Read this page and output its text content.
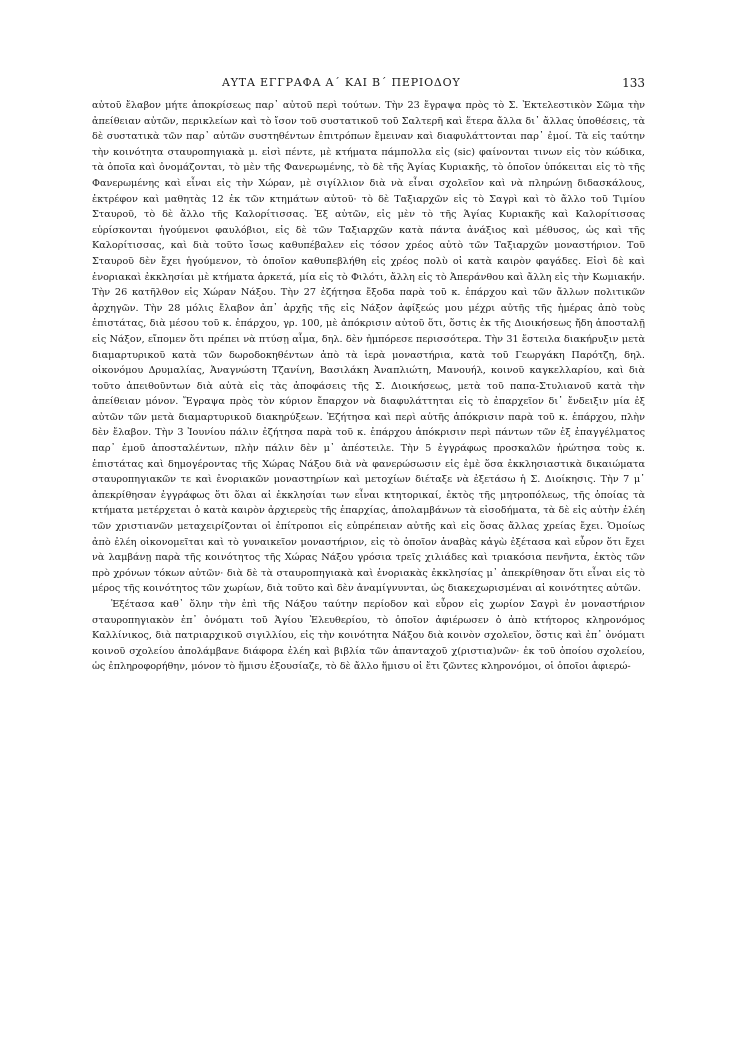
ΑΥΤΑ ΕΓΓΡΑΦΑ Α΄ ΚΑΙ Β΄ ΠΕΡΙΟΔΟΥ	133

αὐτοῦ ἔλαβον μήτε ἀποκρίσεως παρ᾽ αὐτοῦ περὶ τούτων. Τὴν 23 ἔγραψα πρὸς τὸ Σ. Ἐκτελεστικὸν Σῶμα τὴν ἀπείθειαν αὐτῶν, περικλείων καὶ τὸ ἴσον τοῦ συστατικοῦ τοῦ Σαλτερῆ καὶ ἕτερα ἄλλα δι᾽ ἄλλας ὑποθέσεις, τὰ δὲ συστατικὰ τῶν παρ᾽ αὐτῶν συστηθέντων ἐπιτρόπων ἔμειναν καὶ διαφυλάττονται παρ᾽ ἐμοί. Τὰ εἰς ταύτην τὴν κοινότητα σταυροπηγιακὰ μ. εἰσὶ πέντε, μὲ κτήματα πάμπολλα εἰς (sic) φαίνονται τινων εἰς τὸν κώδικα, τὰ ὁποῖα καὶ ὀνομάζονται, τὸ μὲν τῆς Φανερωμένης, τὸ δὲ τῆς Ἁγίας Κυριακῆς, τὸ ὁποῖον ὑπόκειται εἰς τὸ τῆς Φανερωμένης καὶ εἶναι εἰς τὴν Χώραν, μὲ σιγίλλιον διὰ νὰ εἶναι σχολεῖον καὶ νὰ πληρώνῃ διδασκάλους, ἐκτρέφον καὶ μαθητὰς 12 ἐκ τῶν κτημάτων αὐτοῦ· τὸ δὲ Ταξιαρχῶν εἰς τὸ Σαγρὶ καὶ τὸ ἄλλο τοῦ Τιμίου Σταυροῦ, τὸ δὲ ἄλλο τῆς Καλορίτισσας. Ἐξ αὐτῶν, εἰς μὲν τὸ τῆς Ἁγίας Κυριακῆς καὶ Καλορίτισσας εὑρίσκονται ἡγούμενοι φαυλόβιοι, εἰς δὲ τῶν Ταξιαρχῶν κατὰ πάντα ἀνάξιος καὶ μέθυσος, ὡς καὶ τῆς Καλορίτισσας, καὶ διὰ τοῦτο ἴσως καθυπέβαλεν εἰς τόσον χρέος αὐτὸ τῶν Ταξιαρχῶν μοναστήριον. Τοῦ Σταυροῦ δὲν ἔχει ἡγούμενον, τὸ ὁποῖον καθυπεβλήθη εἰς χρέος πολὺ οἱ κατὰ καιρὸν φαγάδες. Εἰσὶ δὲ καὶ ἐνοριακαὶ ἐκκλησίαι μὲ κτήματα ἀρκετά, μία εἰς τὸ Φιλότι, ἄλλη εἰς τὸ Ἀπεράνθου καὶ ἄλλη εἰς τὴν Κωμιακήν. Τὴν 26 κατῆλθον εἰς Χώραν Νάξου. Τὴν 27 ἐζήτησα ἔξοδα παρὰ τοῦ κ. ἐπάρχου καὶ τῶν ἄλλων πολιτικῶν ἀρχηγῶν. Τὴν 28 μόλις ἔλαβον ἀπ᾽ ἀρχῆς τῆς εἰς Νάξον ἀφίξεώς μου μέχρι αὐτῆς τῆς ἡμέρας ἀπὸ τοὺς ἐπιστάτας, διὰ μέσου τοῦ κ. ἐπάρχου, γρ. 100, μὲ ἀπόκρισιν αὐτοῦ ὅτι, ὅστις ἐκ τῆς Διοικήσεως ἤδη ἀποσταλῇ εἰς Νάξον, εἴπομεν ὅτι πρέπει νὰ πτύσῃ αἷμα, δηλ. δὲν ἠμπόρεσε περισσότερα. Τὴν 31 ἔστειλα διακήρυξιν μετὰ διαμαρτυρικοῦ κατὰ τῶν δωροδοκηθέντων ἀπὸ τὰ ἱερὰ μοναστήρια, κατὰ τοῦ Γεωργάκη Παρότζη, δηλ. οἰκονόμου Δρυμαλίας, Ἀναγνώστη Τζανίνη, Βασιλάκη Ἀναπλιώτη, Μανουήλ, κοινοῦ καγκελλαρίου, καὶ διὰ τοῦτο ἀπειθοῦντων διὰ αὐτὰ εἰς τὰς ἀποφάσεις τῆς Σ. Διοικήσεως, μετὰ τοῦ παπα-Στυλιανοῦ κατὰ τὴν ἀπείθειαν μόνον. Ἔγραψα πρὸς τὸν κύριον ἔπαρχον νὰ διαφυλάττηται εἰς τὸ ἐπαρχεῖον δι᾽ ἔνδειξιν μία ἐξ αὐτῶν τῶν μετὰ διαμαρτυρικοῦ διακηρύξεων. Ἐζήτησα καὶ περὶ αὐτῆς ἀπόκρισιν παρὰ τοῦ κ. ἐπάρχου, πλὴν δὲν ἔλαβον. Τὴν 3 Ἰουνίου πάλιν ἐζήτησα παρὰ τοῦ κ. ἐπάρχου ἀπόκρισιν περὶ πάντων τῶν ἐξ ἐπαγγέλματος παρ᾽ ἐμοῦ ἀποσταλέντων, πλὴν πάλιν δὲν μ᾽ ἀπέστειλε. Τὴν 5 ἐγγράφως προσκαλῶν ἠρώτησα τοὺς κ. ἐπιστάτας καὶ δημογέροντας τῆς Χώρας Νάξου διὰ νὰ φανερώσωσιν εἰς ἐμὲ ὅσα ἐκκλησιαστικὰ δικαιώματα σταυροπηγιακῶν τε καὶ ἐνοριακῶν μοναστηρίων καὶ μετοχίων διέταξε νὰ ἐξετάσω ἡ Σ. Διοίκησις. Τὴν 7 μ᾽ ἀπεκρίθησαν ἐγγράφως ὅτι ὅλαι αἱ ἐκκλησίαι των εἶναι κτητορικαί, ἐκτὸς τῆς μητροπόλεως, τῆς ὁποίας τὰ κτήματα μετέρχεται ὁ κατὰ καιρὸν ἀρχιερεὺς τῆς ἐπαρχίας, ἀπολαμβάνων τὰ εἰσοδήματα, τὰ δὲ εἰς αὐτὴν ἐλέη τῶν χριστιανῶν μεταχειρίζονται οἱ ἐπίτροποι εἰς εὐπρέπειαν αὐτῆς καὶ εἰς ὅσας ἄλλας χρείας ἔχει. Ὁμοίως ἀπὸ ἐλέη οἰκονομεῖται καὶ τὸ γυναικεῖον μοναστήριον, εἰς τὸ ὁποῖον ἀναβὰς κἀγὼ ἐξέτασα καὶ εὗρον ὅτι ἔχει νὰ λαμβάνῃ παρὰ τῆς κοινότητος τῆς Χώρας Νάξου γρόσια τρεῖς χιλιάδες καὶ τριακόσια πενῆντα, ἐκτὸς τῶν πρὸ χρόνων τόκων αὐτῶν· διὰ δὲ τὰ σταυροπηγιακὰ καὶ ἐνοριακὰς ἐκκλησίας μ᾽ ἀπεκρίθησαν ὅτι εἶναι εἰς τὸ μέρος τῆς κοινότητος τῶν χωρίων, διὰ τοῦτο καὶ δὲν ἀναμίγνυνται, ὡς διακεχωρισμέναι αἱ κοινότητες αὐτῶν.

Ἐξέτασα καθ᾽ ὅλην τὴν ἐπὶ τῆς Νάξου ταύτην περίοδον καὶ εὗρον εἰς χωρίον Σαγρὶ ἐν μοναστήριον σταυροπηγιακὸν ἐπ᾽ ὀνόματι τοῦ Ἁγίου Ἐλευθερίου, τὸ ὁποῖον ἀφιέρωσεν ὁ ἀπὸ κτήτορος κληρονόμος Καλλίνικος, διὰ πατριαρχικοῦ σιγιλλίου, εἰς τὴν κοινότητα Νάξου διὰ κοινὸν σχολεῖον, ὅστις καὶ ἐπ᾽ ὀνόματι κοινοῦ σχολείου ἀπολάμβανε διάφορα ἐλέη καὶ βιβλία τῶν ἀπανταχοῦ χ(ριστια)νῶν· ἐκ τοῦ ὁποίου σχολείου, ὡς ἐπληροφορήθην, μόνον τὸ ἥμισυ ἐξουσίαζε, τὸ δὲ ἄλλο ἥμισυ οἱ ἔτι ζῶντες κληρονόμοι, οἱ ὁποῖοι ἀφιερώ-
